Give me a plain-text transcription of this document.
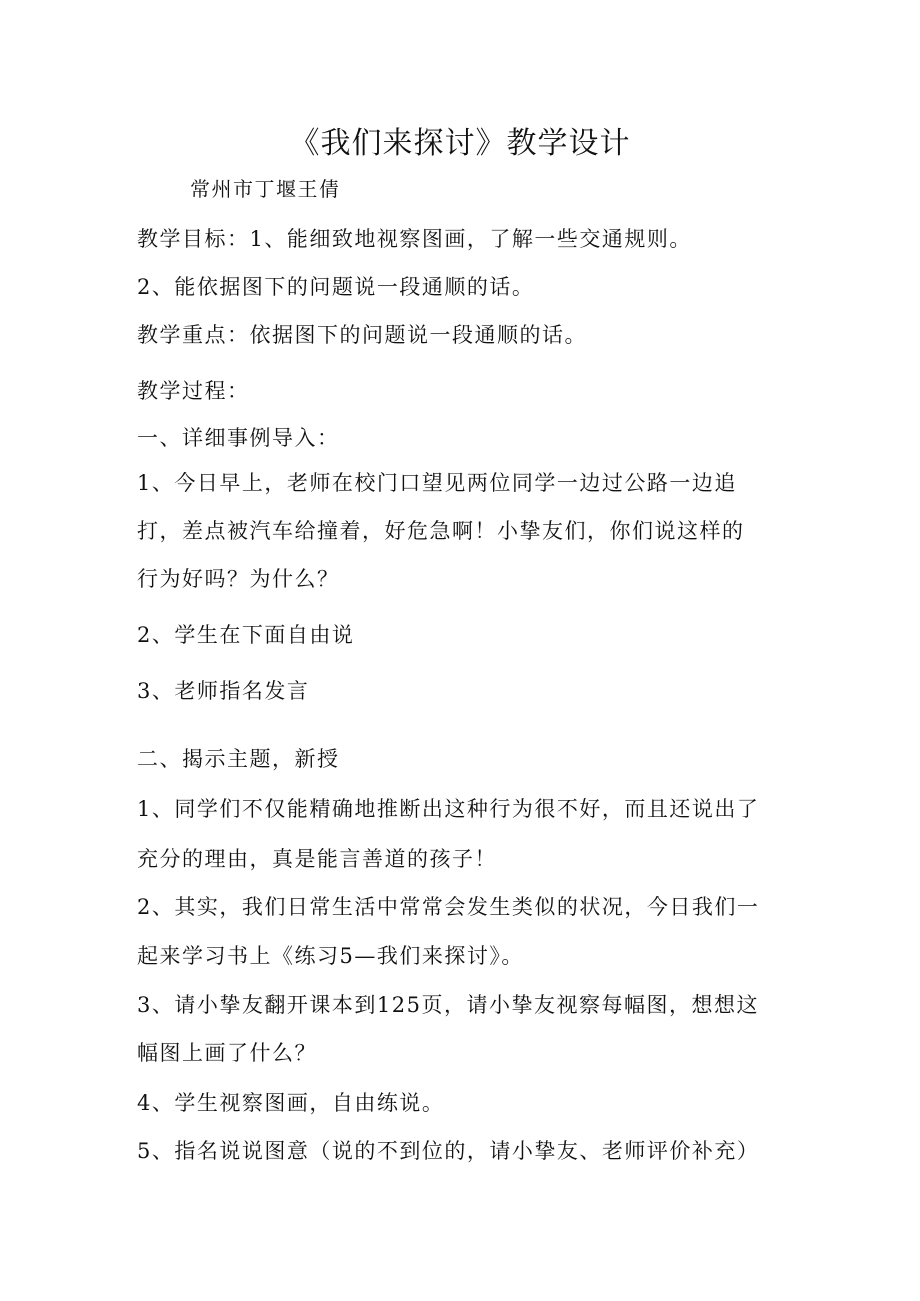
《我们来探讨》教学设计
常州市丁堰王倩
教学目标：1、能细致地视察图画，了解一些交通规则。
2、能依据图下的问题说一段通顺的话。
教学重点：依据图下的问题说一段通顺的话。
教学过程：
一、详细事例导入：
1、今日早上，老师在校门口望见两位同学一边过公路一边追
打，差点被汽车给撞着，好危急啊！小挚友们，你们说这样的
行为好吗？为什么？
2、学生在下面自由说
3、老师指名发言
二、揭示主题，新授
1、同学们不仅能精确地推断出这种行为很不好，而且还说出了
充分的理由，真是能言善道的孩子！
2、其实，我们日常生活中常常会发生类似的状况，今日我们一
起来学习书上《练习5—我们来探讨》。
3、请小挚友翻开课本到125页，请小挚友视察每幅图，想想这
幅图上画了什么？
4、学生视察图画，自由练说。
5、指名说说图意（说的不到位的，请小挚友、老师评价补充）
